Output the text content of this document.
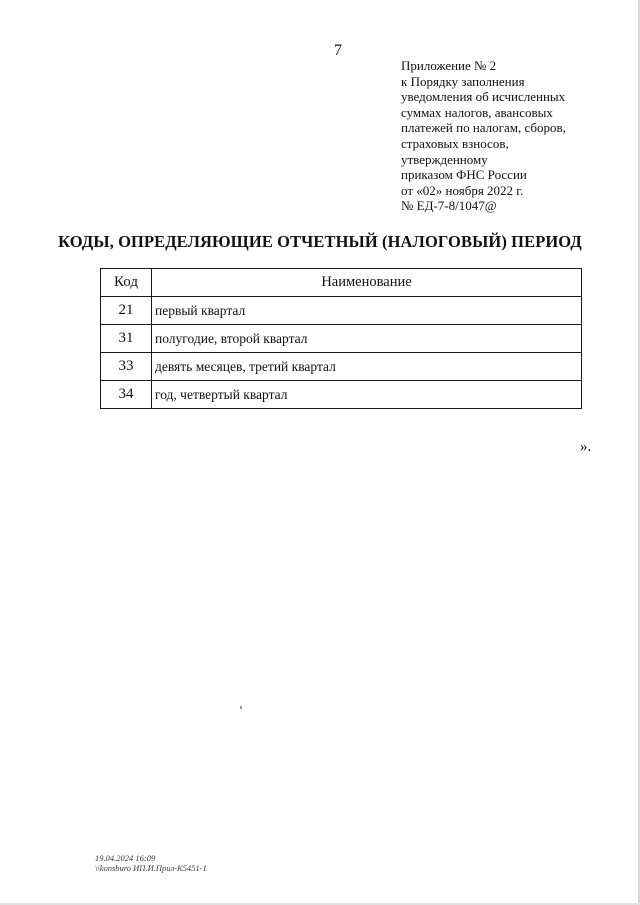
7
Приложение № 2
к Порядку заполнения
уведомления об исчисленных
суммах налогов, авансовых
платежей по налогам, сборов,
страховых взносов,
утвержденному
приказом ФНС России
от «02» ноября 2022 г.
№ ЕД-7-8/1047@
КОДЫ, ОПРЕДЕЛЯЮЩИЕ ОТЧЕТНЫЙ (НАЛОГОВЫЙ) ПЕРИОД
Код	Наименование
21	первый квартал
31	полугодие, второй квартал
33	девять месяцев, третий квартал
34	год, четвертый квартал
».
19.04.2024 16:09
\\konsburo ИП.И.Прил-К5451-1
